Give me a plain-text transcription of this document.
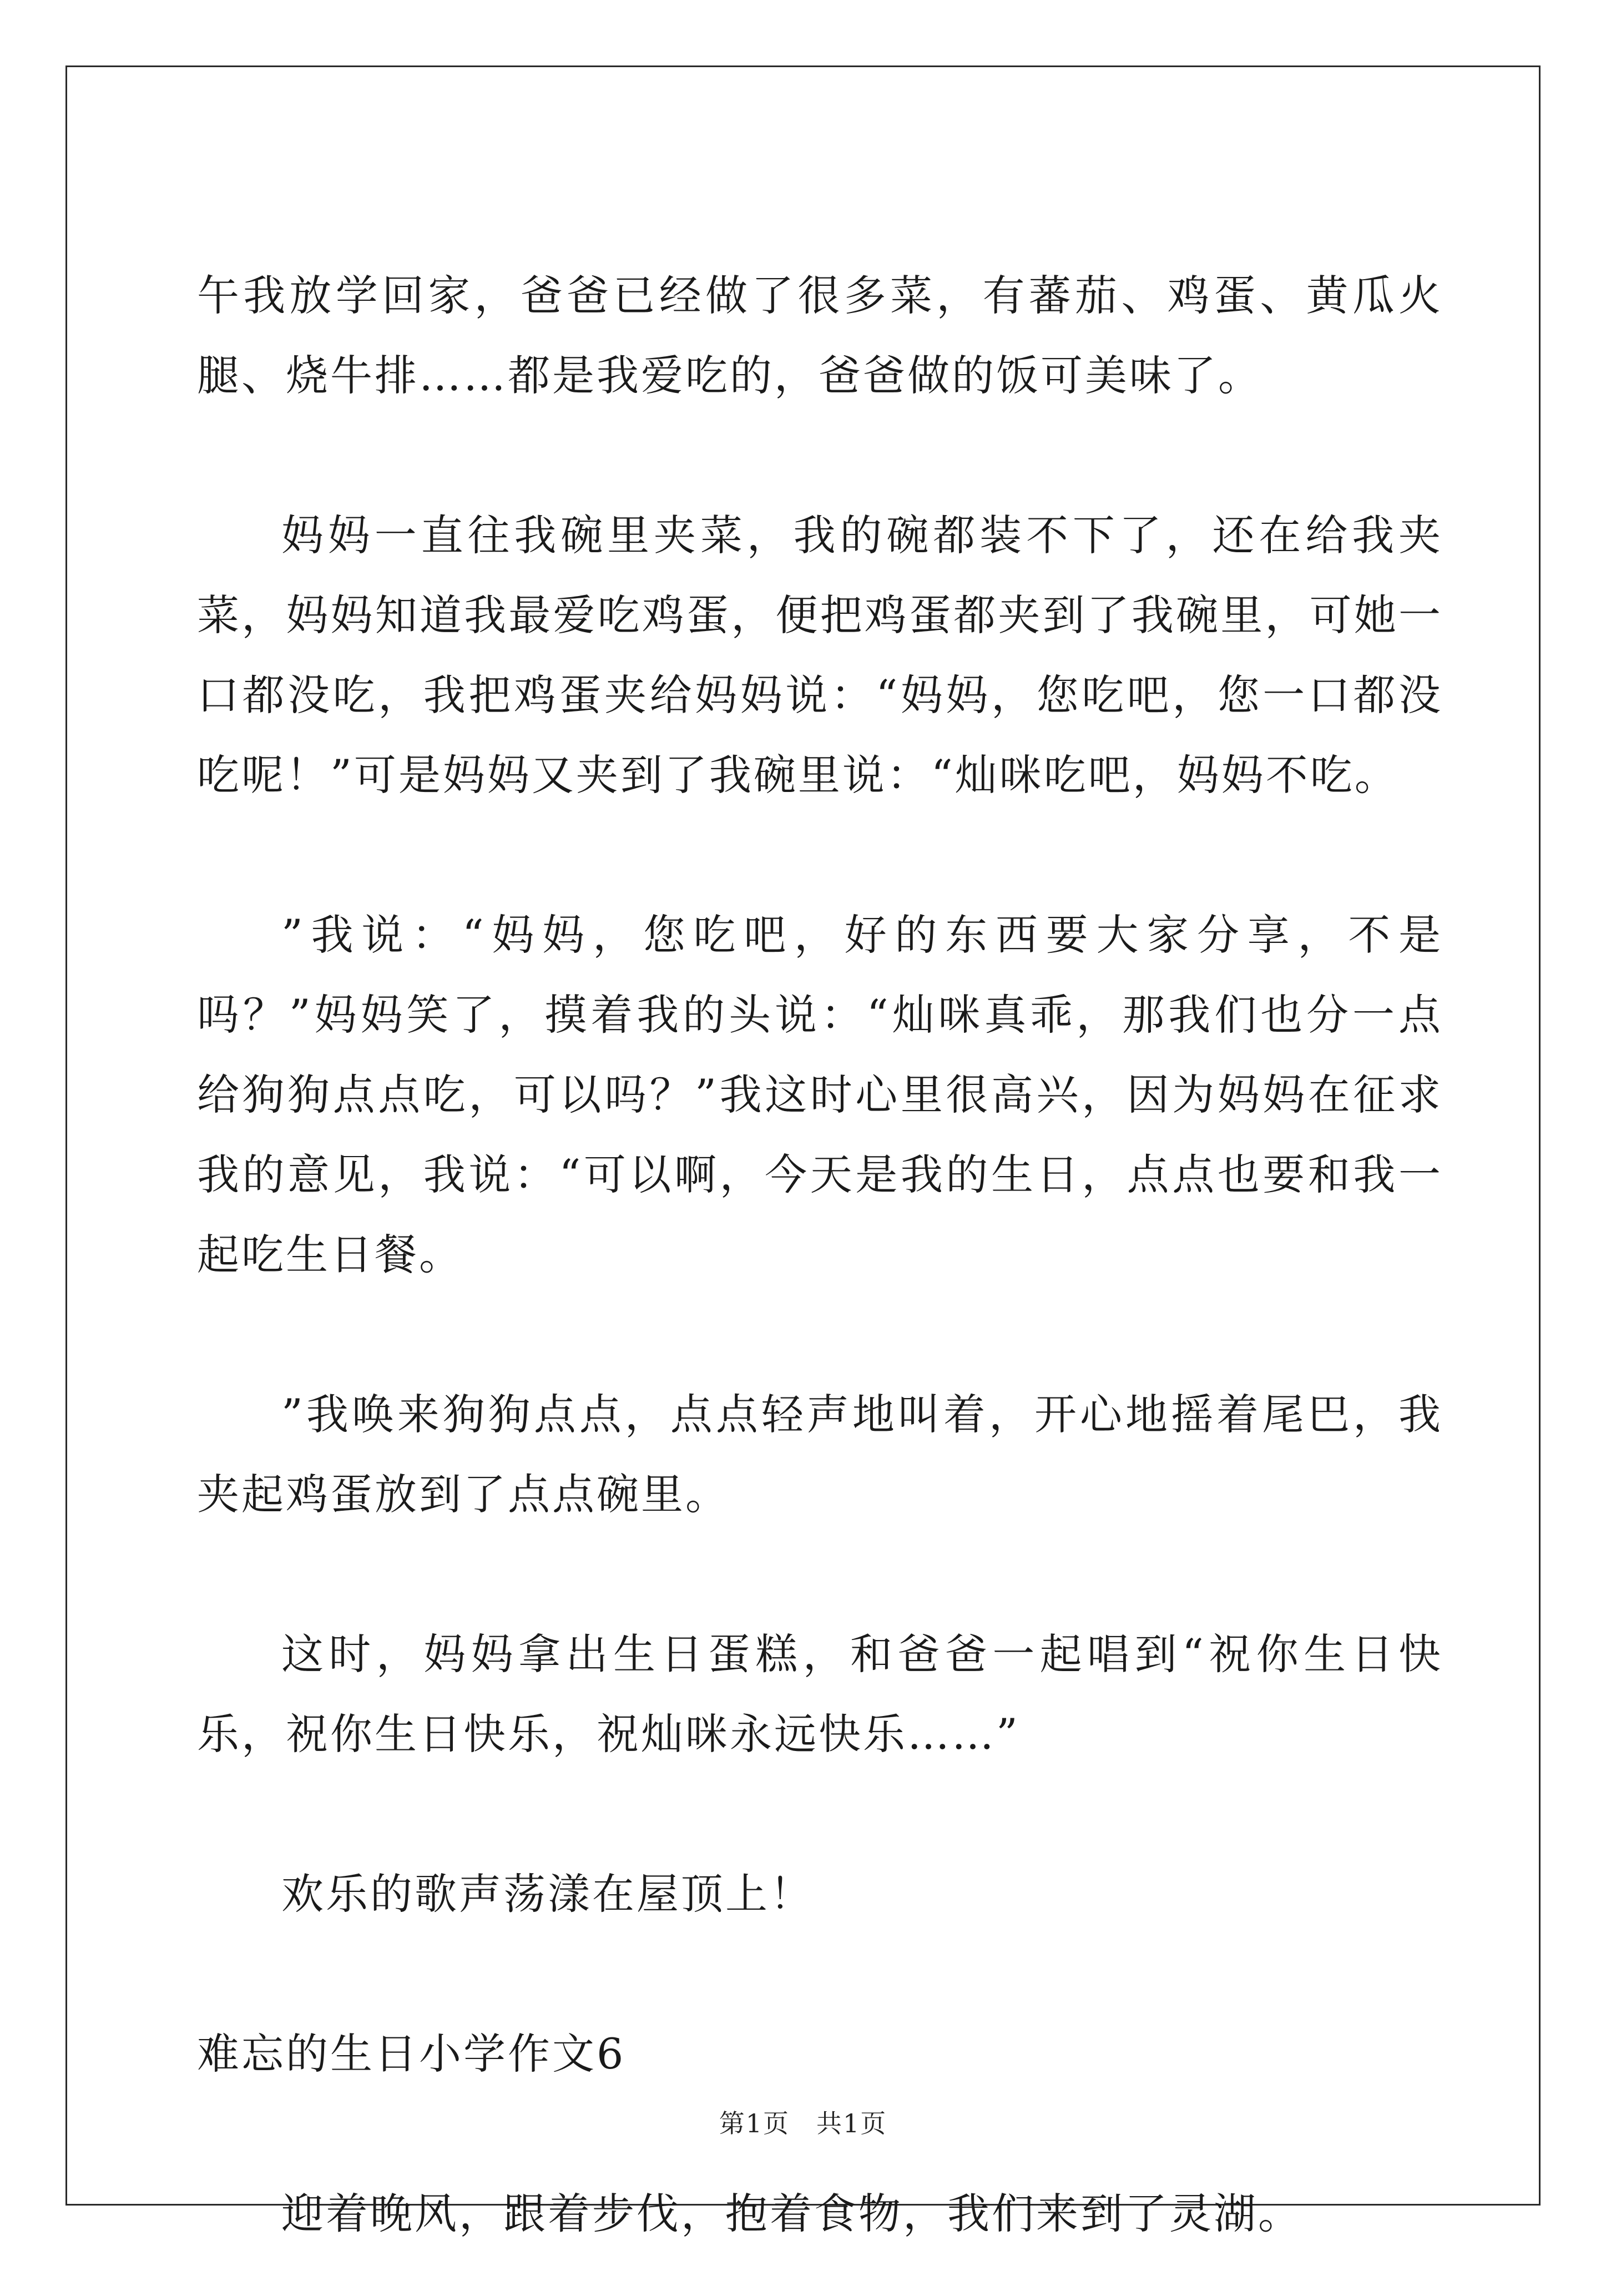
午我放学回家，爸爸已经做了很多菜，有蕃茄、鸡蛋、黄瓜火腿、烧牛排……都是我爱吃的，爸爸做的饭可美味了。

妈妈一直往我碗里夹菜，我的碗都装不下了，还在给我夹菜，妈妈知道我最爱吃鸡蛋，便把鸡蛋都夹到了我碗里，可她一口都没吃，我把鸡蛋夹给妈妈说：“妈妈，您吃吧，您一口都没吃呢！”可是妈妈又夹到了我碗里说：“灿咪吃吧，妈妈不吃。

”我说：“妈妈，您吃吧，好的东西要大家分享，不是吗？”妈妈笑了，摸着我的头说：“灿咪真乖，那我们也分一点给狗狗点点吃，可以吗？”我这时心里很高兴，因为妈妈在征求我的意见，我说：“可以啊，今天是我的生日，点点也要和我一起吃生日餐。

”我唤来狗狗点点，点点轻声地叫着，开心地摇着尾巴，我夹起鸡蛋放到了点点碗里。

这时，妈妈拿出生日蛋糕，和爸爸一起唱到“祝你生日快乐，祝你生日快乐，祝灿咪永远快乐……”

欢乐的歌声荡漾在屋顶上！

难忘的生日小学作文6

迎着晚风，跟着步伐，抱着食物，我们来到了灵湖。

第1页　共1页
